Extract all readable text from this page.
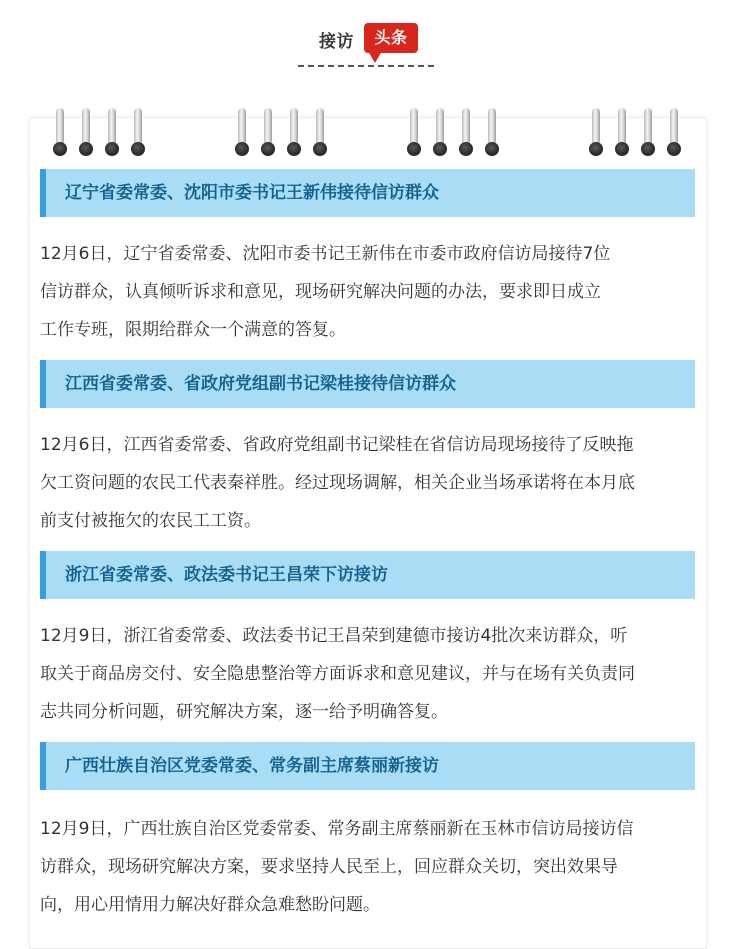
接访	头条
辽宁省委常委、沈阳市委书记王新伟接待信访群众

12月6日，辽宁省委常委、沈阳市委书记王新伟在市委市政府信访局接待7位
信访群众，认真倾听诉求和意见，现场研究解决问题的办法，要求即日成立
工作专班，限期给群众一个满意的答复。

江西省委常委、省政府党组副书记梁桂接待信访群众

12月6日，江西省委常委、省政府党组副书记梁桂在省信访局现场接待了反映拖
欠工资问题的农民工代表秦祥胜。经过现场调解，相关企业当场承诺将在本月底
前支付被拖欠的农民工工资。

浙江省委常委、政法委书记王昌荣下访接访

12月9日，浙江省委常委、政法委书记王昌荣到建德市接访4批次来访群众，听
取关于商品房交付、安全隐患整治等方面诉求和意见建议，并与在场有关负责同
志共同分析问题，研究解决方案，逐一给予明确答复。

广西壮族自治区党委常委、常务副主席蔡丽新接访

12月9日，广西壮族自治区党委常委、常务副主席蔡丽新在玉林市信访局接访信
访群众，现场研究解决方案，要求坚持人民至上，回应群众关切，突出效果导
向，用心用情用力解决好群众急难愁盼问题。
